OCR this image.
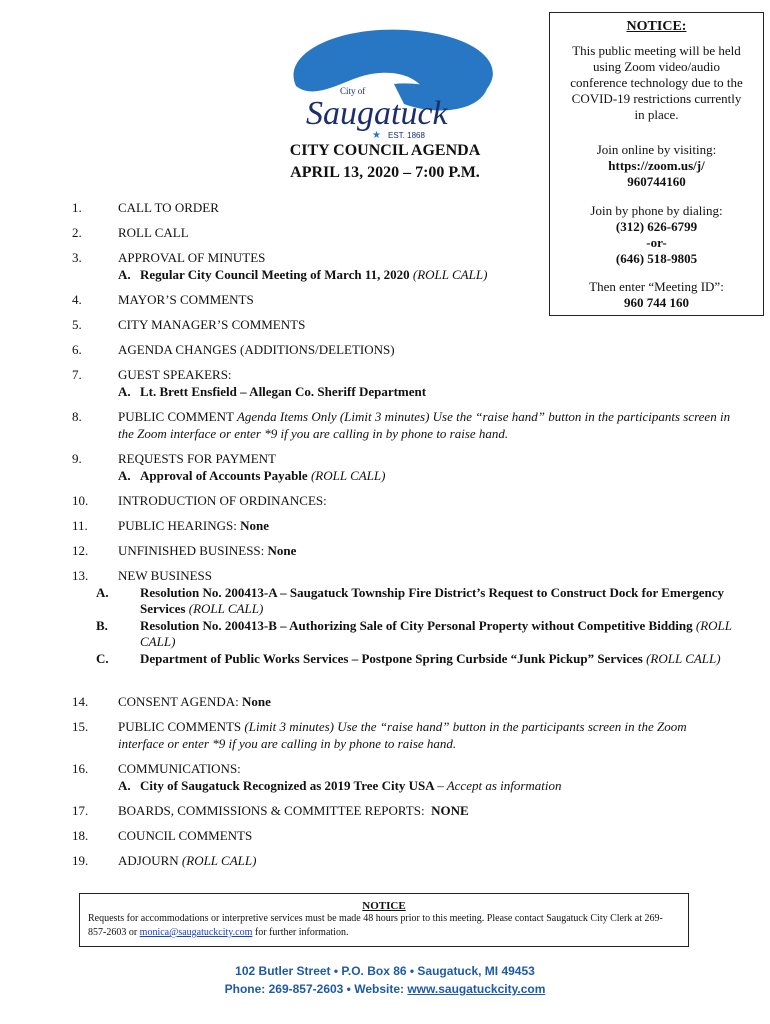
City of
Saugatuck
EST. 1868
★
NOTICE:
This public meeting will be held
using Zoom video/audio
conference technology due to the
COVID-19 restrictions currently
in place.
Join online by visiting:
https://zoom.us/j/
960744160
Join by phone by dialing:
(312) 626-6799
-or-
(646) 518-9805
Then enter “Meeting ID”:
960 744 160
CITY COUNCIL AGENDA
APRIL 13, 2020 – 7:00 P.M.
1.	CALL TO ORDER
2.	ROLL CALL
3.	APPROVAL OF MINUTES
A. Regular City Council Meeting of March 11, 2020 (ROLL CALL)
4.	MAYOR’S COMMENTS
5.	CITY MANAGER’S COMMENTS
6.	AGENDA CHANGES (ADDITIONS/DELETIONS)
7.	GUEST SPEAKERS:
A. Lt. Brett Ensfield – Allegan Co. Sheriff Department
8.	PUBLIC COMMENT Agenda Items Only (Limit 3 minutes) Use the “raise hand” button in the participants screen in the Zoom interface or enter *9 if you are calling in by phone to raise hand.
9.	REQUESTS FOR PAYMENT
A. Approval of Accounts Payable (ROLL CALL)
10. INTRODUCTION OF ORDINANCES:
11. PUBLIC HEARINGS: None
12. UNFINISHED BUSINESS: None
13. NEW BUSINESS
A. Resolution No. 200413-A – Saugatuck Township Fire District’s Request to Construct Dock for Emergency Services (ROLL CALL)
B. Resolution No. 200413-B – Authorizing Sale of City Personal Property without Competitive Bidding (ROLL CALL)
C. Department of Public Works Services – Postpone Spring Curbside “Junk Pickup” Services (ROLL CALL)
14. CONSENT AGENDA: None
15. PUBLIC COMMENTS (Limit 3 minutes) Use the “raise hand” button in the participants screen in the Zoom interface or enter *9 if you are calling in by phone to raise hand.
16. COMMUNICATIONS:
A. City of Saugatuck Recognized as 2019 Tree City USA – Accept as information
17. BOARDS, COMMISSIONS & COMMITTEE REPORTS:  NONE
18. COUNCIL COMMENTS
19. ADJOURN (ROLL CALL)
NOTICE
Requests for accommodations or interpretive services must be made 48 hours prior to this meeting. Please contact Saugatuck City Clerk at 269-857-2603 or monica@saugatuckcity.com for further information.
102 Butler Street • P.O. Box 86 • Saugatuck, MI 49453
Phone: 269-857-2603 • Website: www.saugatuckcity.com
